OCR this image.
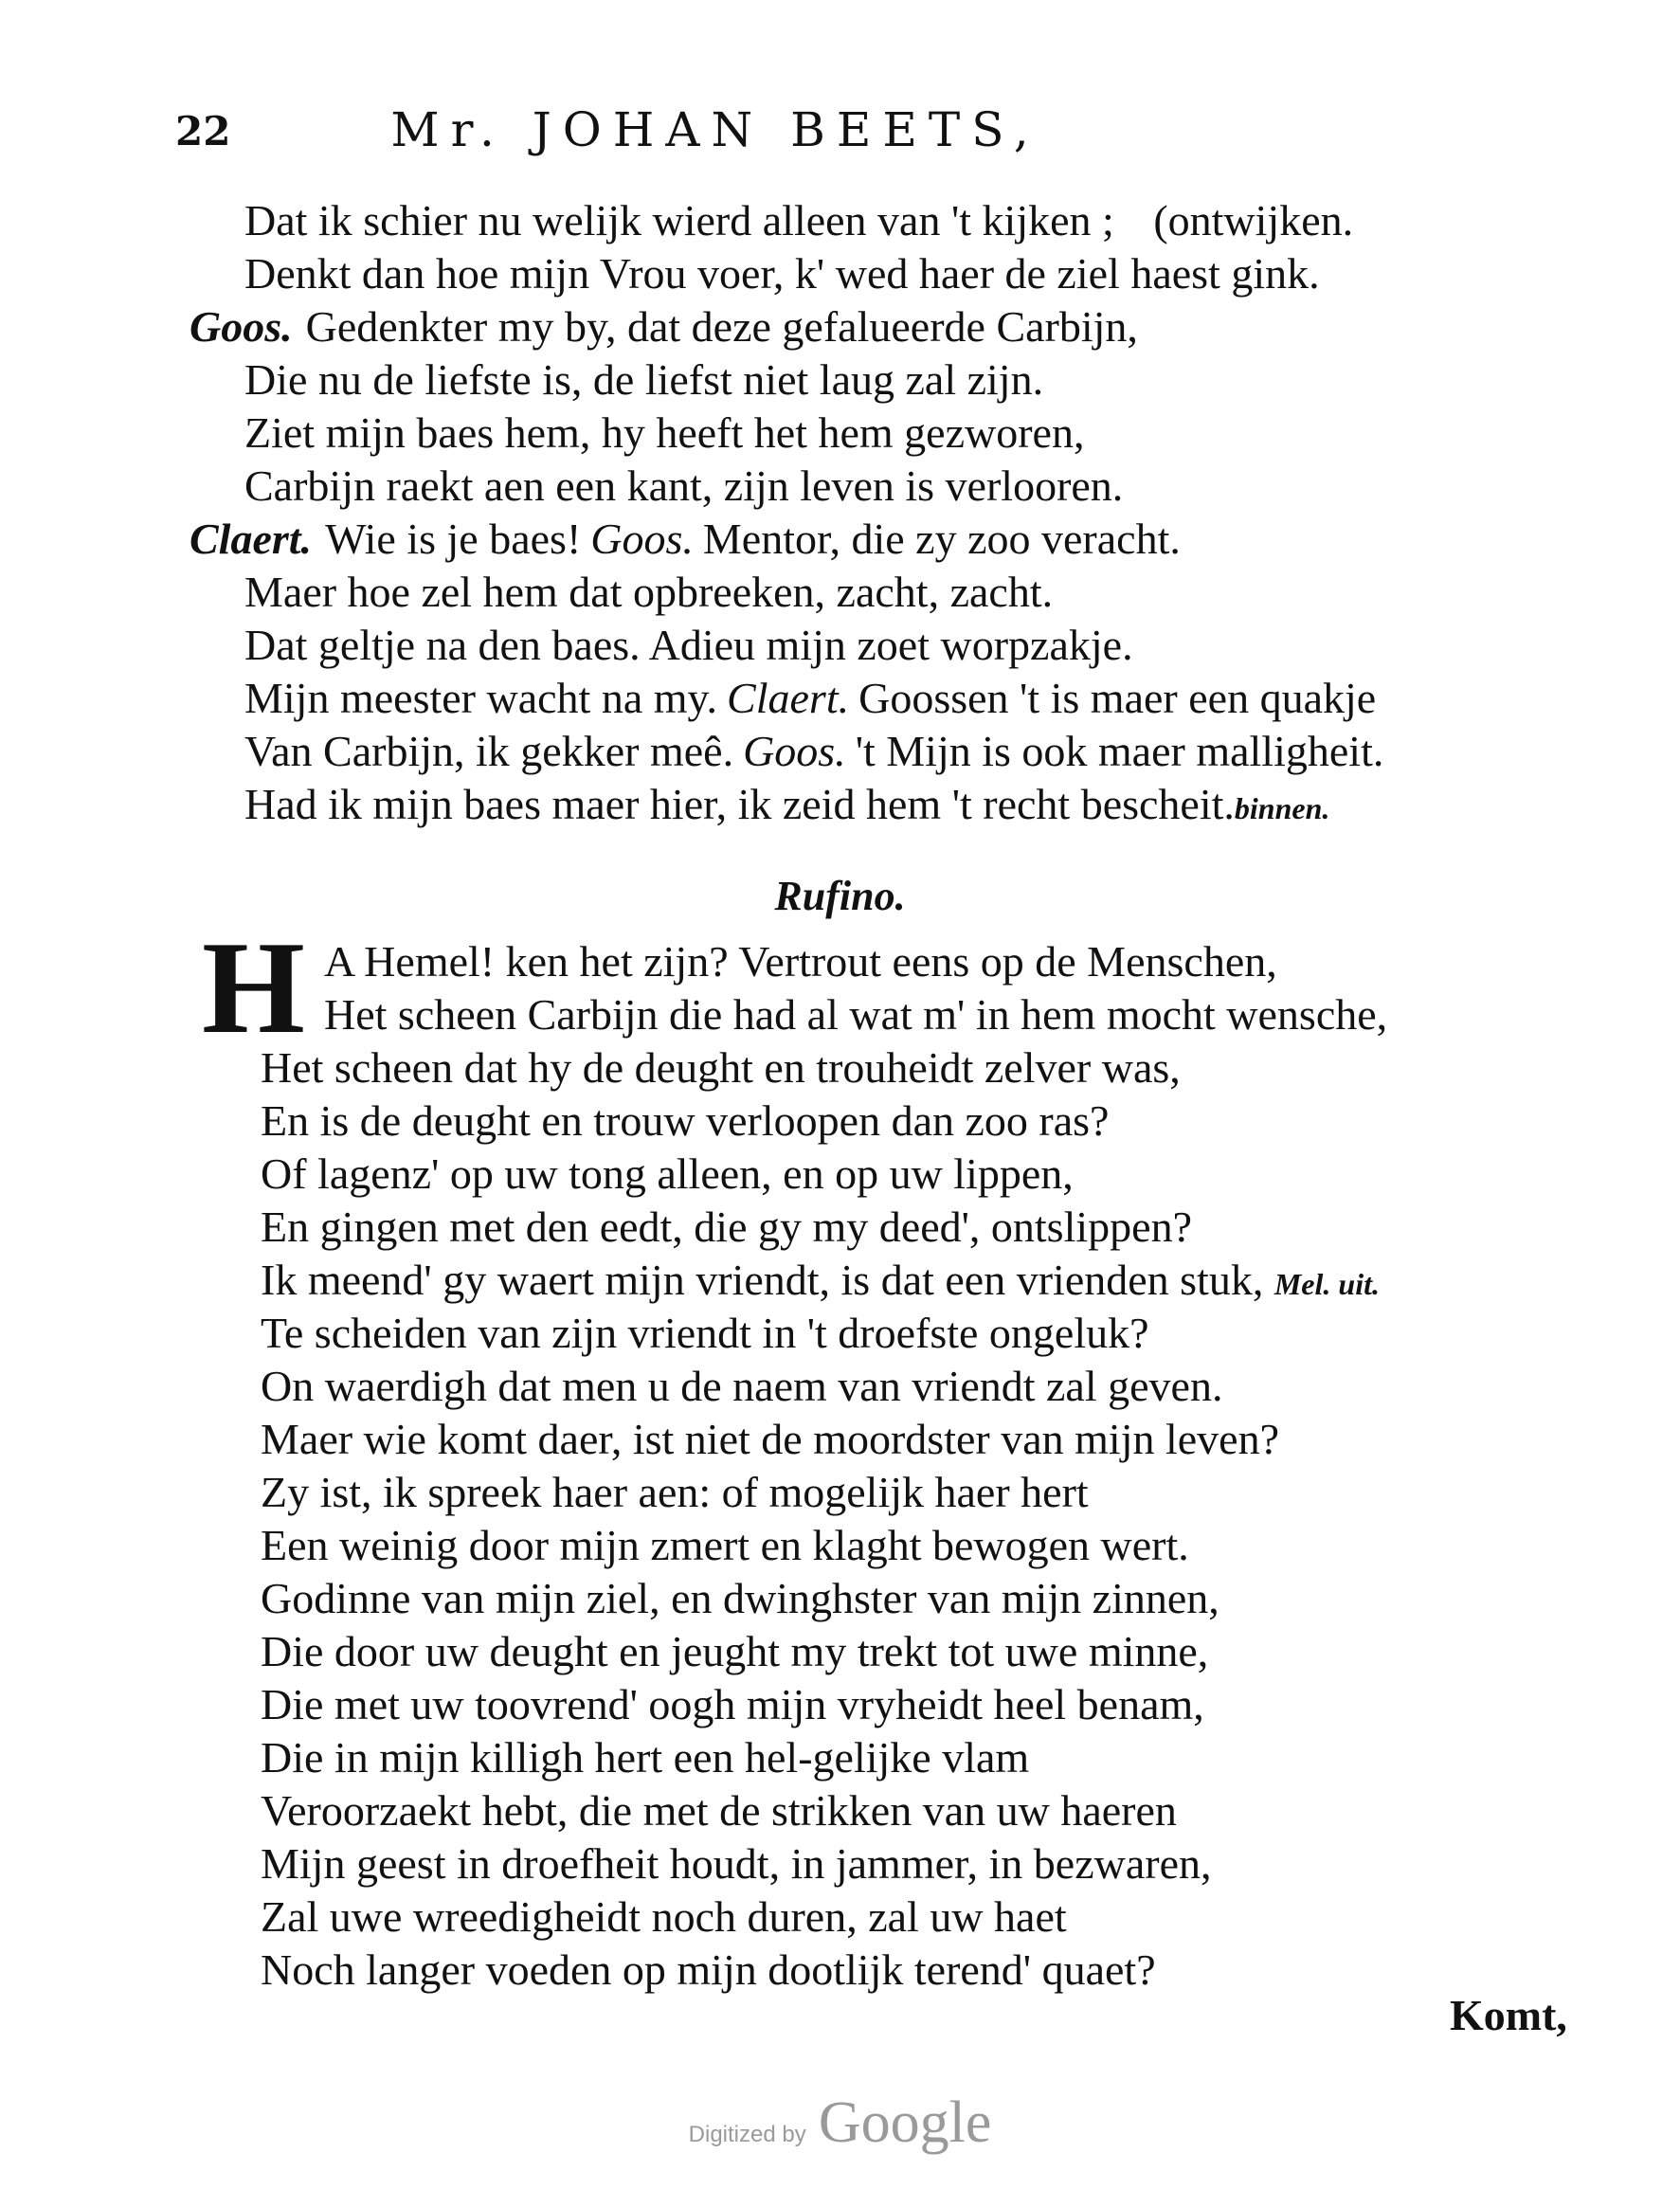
22	Mr. JOHAN BEETS,
Dat ik schier nu welijk wierd alleen van 't kijken ; (ontwijken.
Denkt dan hoe mijn Vrou voer, k' wed haer de ziel haest gink.
Goos. Gedenkter my by, dat deze gefalueerde Carbijn,
Die nu de liefste is, de liefst niet laug zal zijn.
Ziet mijn baes hem, hy heeft het hem gezworen,
Carbijn raekt aen een kant, zijn leven is verlooren.
Claert. Wie is je baes! Goos. Mentor, die zy zoo veracht.
Maer hoe zel hem dat opbreeken, zacht, zacht.
Dat geltje na den baes. Adieu mijn zoet worpzakje.
Mijn meester wacht na my. Claert. Goossen 't is maer een quakje
Van Carbijn, ik gekker meê. Goos. 't Mijn is ook maer malligheit.
Had ik mijn baes maer hier, ik zeid hem 't recht bescheit.binnen.
Rufino.
H A Hemel! ken het zijn? Vertrout eens op de Menschen,
Het scheen Carbijn die had al wat m' in hem mocht wensche,
Het scheen dat hy de deught en trouheidt zelver was,
En is de deught en trouw verloopen dan zoo ras?
Of lagenz' op uw tong alleen, en op uw lippen,
En gingen met den eedt, die gy my deed', ontslippen?
Ik meend' gy waert mijn vriendt, is dat een vrienden stuk, Mel. uit.
Te scheiden van zijn vriendt in 't droefste ongeluk?
On waerdigh dat men u de naem van vriendt zal geven.
Maer wie komt daer, ist niet de moordster van mijn leven?
Zy ist, ik spreek haer aen: of mogelijk haer hert
Een weinig door mijn zmert en klaght bewogen wert.
Godinne van mijn ziel, en dwinghster van mijn zinnen,
Die door uw deught en jeught my trekt tot uwe minne,
Die met uw toovrend' oogh mijn vryheidt heel benam,
Die in mijn killigh hert een hel-gelijke vlam
Veroorzaekt hebt, die met de strikken van uw haeren
Mijn geest in droefheit houdt, in jammer, in bezwaren,
Zal uwe wreedigheidt noch duren, zal uw haet
Noch langer voeden op mijn dootlijk terend' quaet?
Komt,
Digitized by Google
